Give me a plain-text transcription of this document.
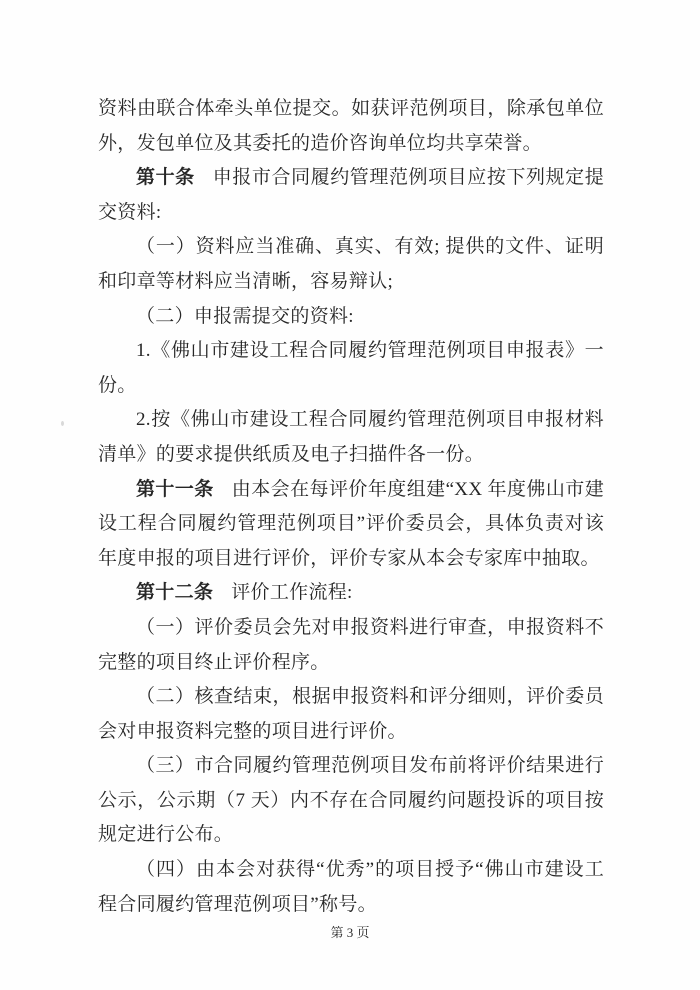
资料由联合体牵头单位提交。如获评范例项目，除承包单位外，发包单位及其委托的造价咨询单位均共享荣誉。

第十条 申报市合同履约管理范例项目应按下列规定提交资料:

（一）资料应当准确、真实、有效; 提供的文件、证明和印章等材料应当清晰，容易辩认;

（二）申报需提交的资料:

1.《佛山市建设工程合同履约管理范例项目申报表》一份。

2.按《佛山市建设工程合同履约管理范例项目申报材料清单》的要求提供纸质及电子扫描件各一份。

第十一条 由本会在每评价年度组建“XX 年度佛山市建设工程合同履约管理范例项目”评价委员会，具体负责对该年度申报的项目进行评价，评价专家从本会专家库中抽取。

第十二条 评价工作流程:

（一）评价委员会先对申报资料进行审查，申报资料不完整的项目终止评价程序。

（二）核查结束，根据申报资料和评分细则，评价委员会对申报资料完整的项目进行评价。

（三）市合同履约管理范例项目发布前将评价结果进行公示，公示期（7 天）内不存在合同履约问题投诉的项目按规定进行公布。

（四）由本会对获得“优秀”的项目授予“佛山市建设工程合同履约管理范例项目”称号。

第 3 页
